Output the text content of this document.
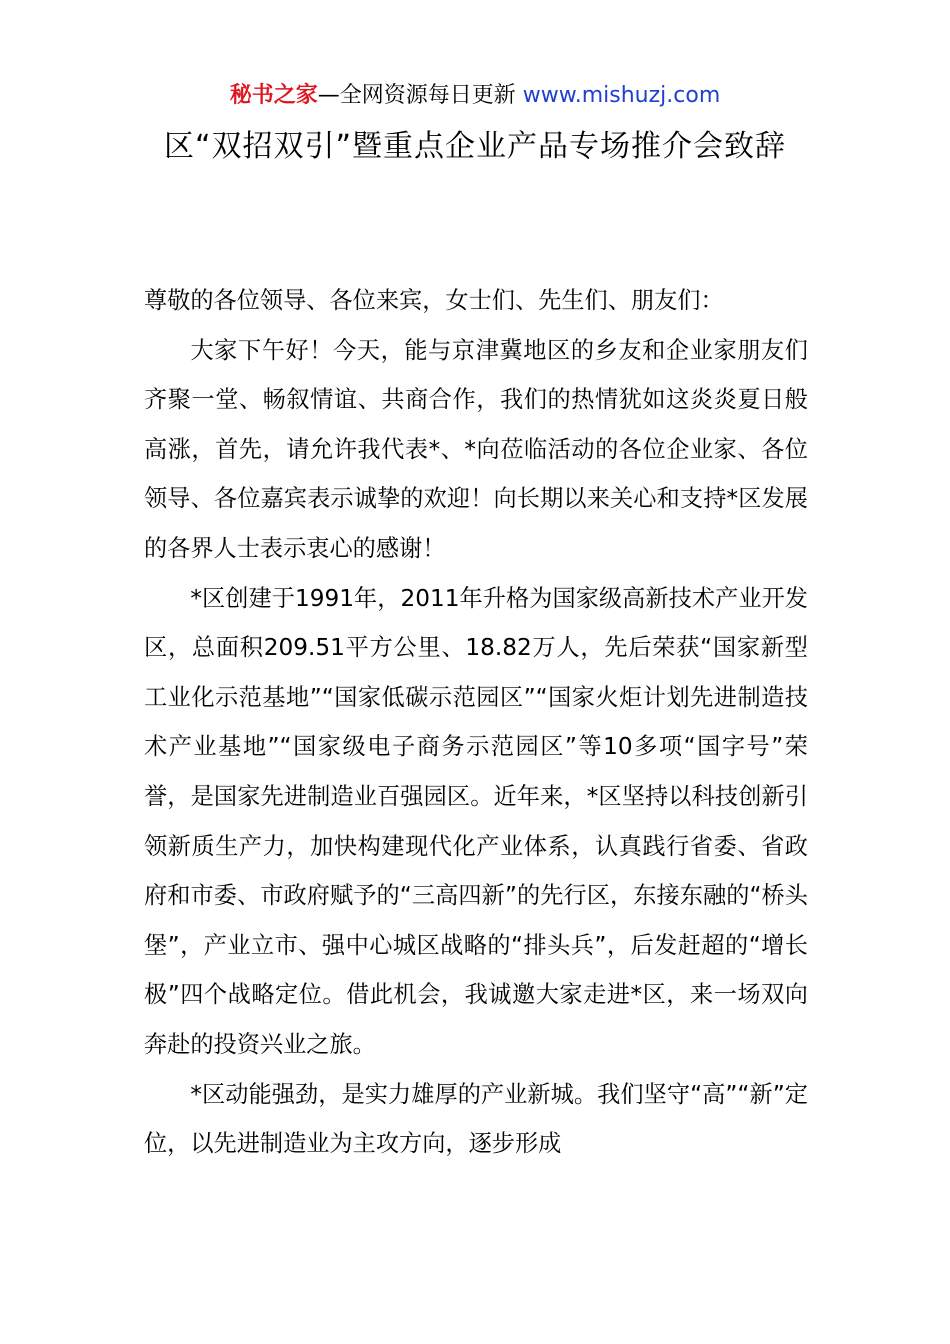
秘书之家—全网资源每日更新 www.mishuzj.com
区“双招双引”暨重点企业产品专场推介会致辞

尊敬的各位领导、各位来宾，女士们、先生们、朋友们：

大家下午好！今天，能与京津冀地区的乡友和企业家朋友们齐聚一堂、畅叙情谊、共商合作，我们的热情犹如这炎炎夏日般高涨，首先，请允许我代表*、*向莅临活动的各位企业家、各位领导、各位嘉宾表示诚挚的欢迎！向长期以来关心和支持*区发展的各界人士表示衷心的感谢！

*区创建于1991年，2011年升格为国家级高新技术产业开发区，总面积209.51平方公里、18.82万人，先后荣获“国家新型工业化示范基地”“国家低碳示范园区”“国家火炬计划先进制造技术产业基地”“国家级电子商务示范园区”等10多项“国字号”荣誉，是国家先进制造业百强园区。近年来，*区坚持以科技创新引领新质生产力，加快构建现代化产业体系，认真践行省委、省政府和市委、市政府赋予的“三高四新”的先行区，东接东融的“桥头堡”，产业立市、强中心城区战略的“排头兵”，后发赶超的“增长极”四个战略定位。借此机会，我诚邀大家走进*区，来一场双向奔赴的投资兴业之旅。

*区动能强劲，是实力雄厚的产业新城。我们坚守“高”“新”定位，以先进制造业为主攻方向，逐步形成
